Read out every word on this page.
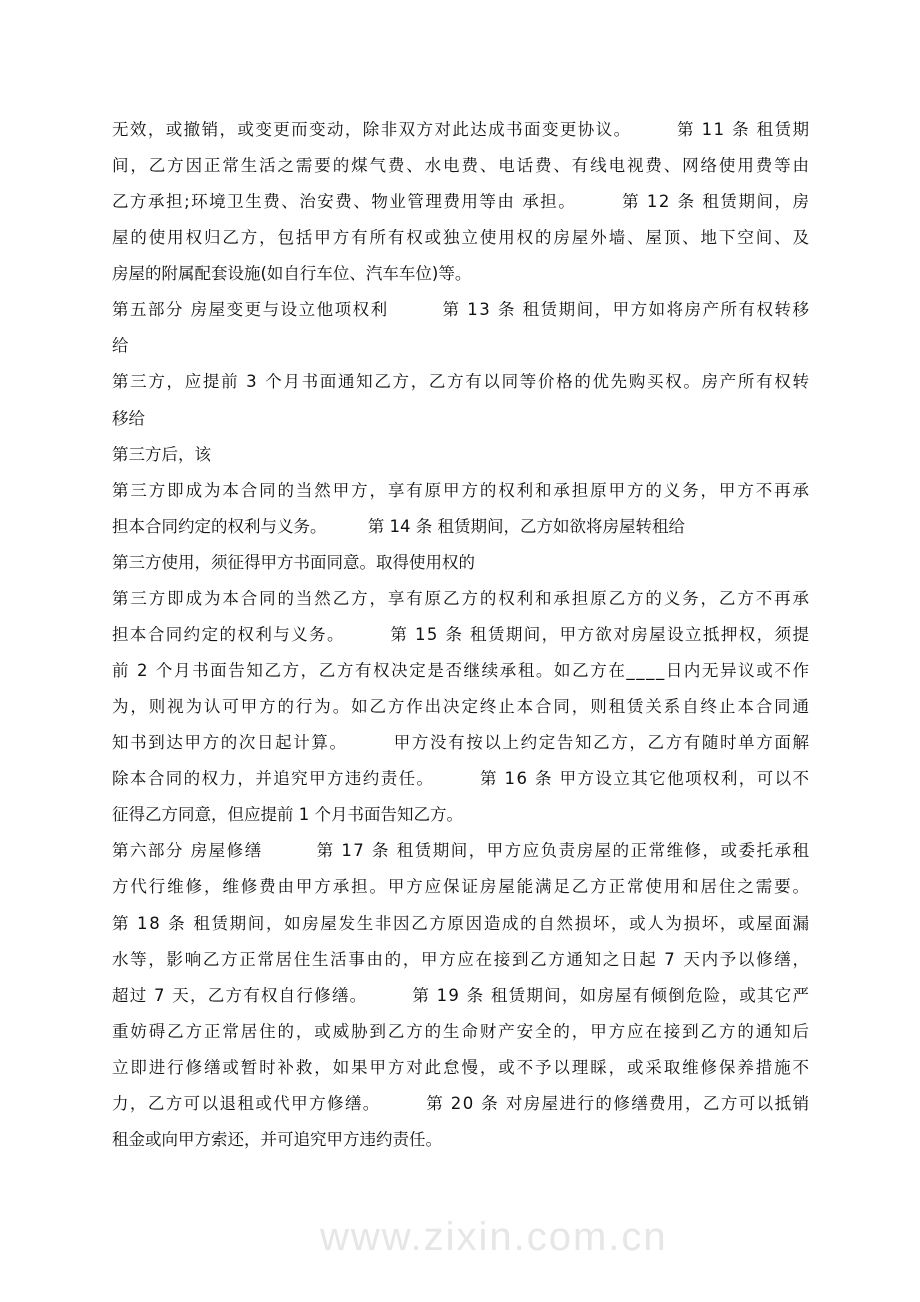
www.zixin.com.cn
无效，或撤销，或变更而变动，除非双方对此达成书面变更协议。　　　第 11 条 租赁期
间，乙方因正常生活之需要的煤气费、水电费、电话费、有线电视费、网络使用费等由
乙方承担;环境卫生费、治安费、物业管理费用等由 承担。　　　第 12 条 租赁期间，房
屋的使用权归乙方，包括甲方有所有权或独立使用权的房屋外墙、屋顶、地下空间、及
房屋的附属配套设施(如自行车位、汽车车位)等。
第五部分 房屋变更与设立他项权利　　　第 13 条 租赁期间，甲方如将房产所有权转移
给
第三方，应提前 3 个月书面通知乙方，乙方有以同等价格的优先购买权。房产所有权转
移给
第三方后，该
第三方即成为本合同的当然甲方，享有原甲方的权利和承担原甲方的义务，甲方不再承
担本合同约定的权利与义务。　　　第 14 条 租赁期间，乙方如欲将房屋转租给
第三方使用，须征得甲方书面同意。取得使用权的
第三方即成为本合同的当然乙方，享有原乙方的权利和承担原乙方的义务，乙方不再承
担本合同约定的权利与义务。　　　第 15 条 租赁期间，甲方欲对房屋设立抵押权，须提
前 2 个月书面告知乙方，乙方有权决定是否继续承租。如乙方在____日内无异议或不作
为，则视为认可甲方的行为。如乙方作出决定终止本合同，则租赁关系自终止本合同通
知书到达甲方的次日起计算。　　　甲方没有按以上约定告知乙方，乙方有随时单方面解
除本合同的权力，并追究甲方违约责任。　　　第 16 条 甲方设立其它他项权利，可以不
征得乙方同意，但应提前 1 个月书面告知乙方。
第六部分 房屋修缮　　　第 17 条 租赁期间，甲方应负责房屋的正常维修，或委托承租
方代行维修，维修费由甲方承担。甲方应保证房屋能满足乙方正常使用和居住之需要。
第 18 条 租赁期间，如房屋发生非因乙方原因造成的自然损坏，或人为损坏，或屋面漏
水等，影响乙方正常居住生活事由的，甲方应在接到乙方通知之日起 7 天内予以修缮，
超过 7 天，乙方有权自行修缮。　　　第 19 条 租赁期间，如房屋有倾倒危险，或其它严
重妨碍乙方正常居住的，或威胁到乙方的生命财产安全的，甲方应在接到乙方的通知后
立即进行修缮或暂时补救，如果甲方对此怠慢，或不予以理睬，或采取维修保养措施不
力，乙方可以退租或代甲方修缮。　　　第 20 条 对房屋进行的修缮费用，乙方可以抵销
租金或向甲方索还，并可追究甲方违约责任。
